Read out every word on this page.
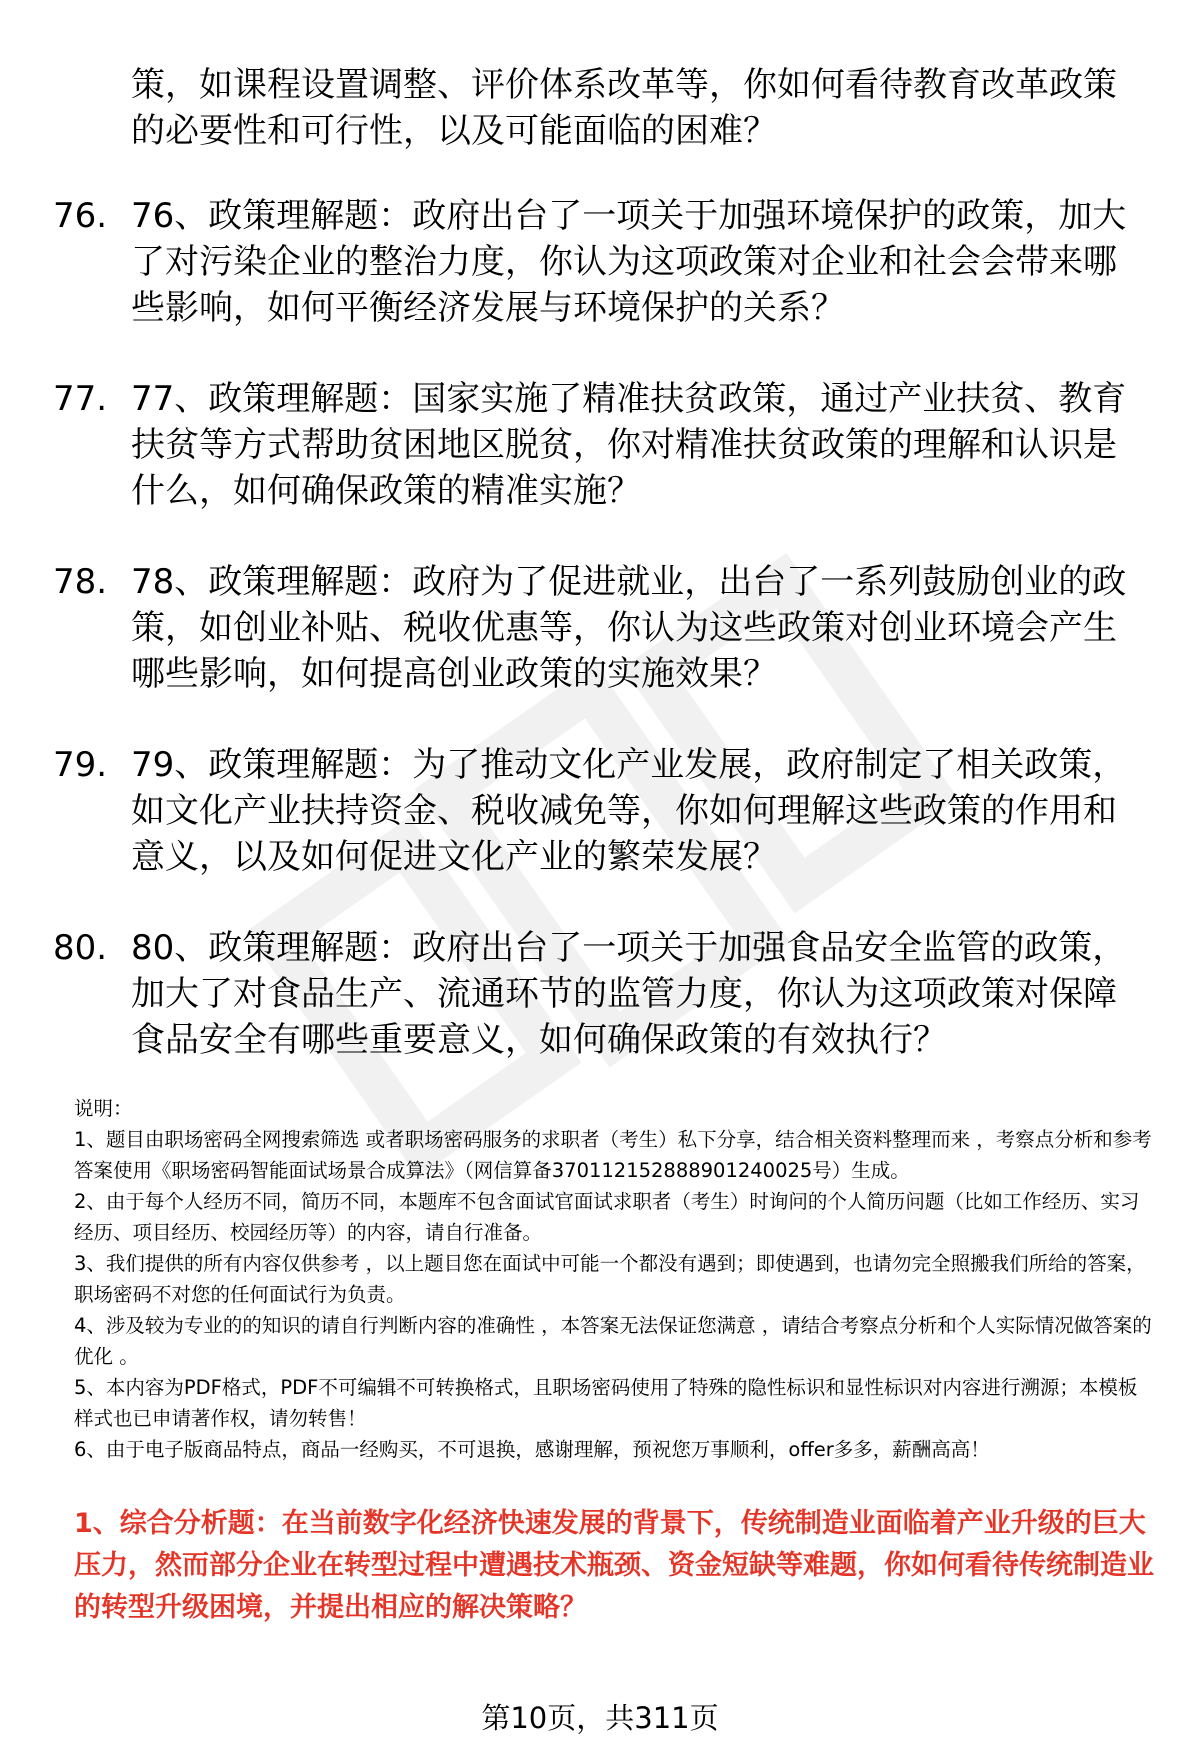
策，如课程设置调整、评价体系改革等，你如何看待教育改革政策的必要性和可行性，以及可能面临的困难？
76. 76、政策理解题：政府出台了一项关于加强环境保护的政策，加大了对污染企业的整治力度，你认为这项政策对企业和社会会带来哪些影响，如何平衡经济发展与环境保护的关系？
77. 77、政策理解题：国家实施了精准扶贫政策，通过产业扶贫、教育扶贫等方式帮助贫困地区脱贫，你对精准扶贫政策的理解和认识是什么，如何确保政策的精准实施？
78. 78、政策理解题：政府为了促进就业，出台了一系列鼓励创业的政策，如创业补贴、税收优惠等，你认为这些政策对创业环境会产生哪些影响，如何提高创业政策的实施效果？
79. 79、政策理解题：为了推动文化产业发展，政府制定了相关政策，如文化产业扶持资金、税收减免等，你如何理解这些政策的作用和意义，以及如何促进文化产业的繁荣发展？
80. 80、政策理解题：政府出台了一项关于加强食品安全监管的政策，加大了对食品生产、流通环节的监管力度，你认为这项政策对保障食品安全有哪些重要意义，如何确保政策的有效执行？

说明：

1、题目由职场密码全网搜索筛选 或者职场密码服务的求职者（考生）私下分享，结合相关资料整理而来 ，考察点分析和参考答案使用《职场密码智能面试场景合成算法》（网信算备370112152888901240025号）生成。

2、由于每个人经历不同，简历不同，本题库不包含面试官面试求职者（考生）时询问的个人简历问题（比如工作经历、实习经历、项目经历、校园经历等）的内容，请自行准备。

3、我们提供的所有内容仅供参考 ，以上题目您在面试中可能一个都没有遇到；即使遇到，也请勿完全照搬我们所给的答案，职场密码不对您的任何面试行为负责。

4、涉及较为专业的的知识的请自行判断内容的准确性 ，本答案无法保证您满意 ，请结合考察点分析和个人实际情况做答案的优化 。

5、本内容为PDF格式，PDF不可编辑不可转换格式，且职场密码使用了特殊的隐性标识和显性标识对内容进行溯源；本模板样式也已申请著作权，请勿转售！

6、由于电子版商品特点，商品一经购买，不可退换，感谢理解，预祝您万事顺利，offer多多，薪酬高高！

1、综合分析题：在当前数字化经济快速发展的背景下，传统制造业面临着产业升级的巨大压力，然而部分企业在转型过程中遭遇技术瓶颈、资金短缺等难题，你如何看待传统制造业的转型升级困境，并提出相应的解决策略？
第10页，共311页
